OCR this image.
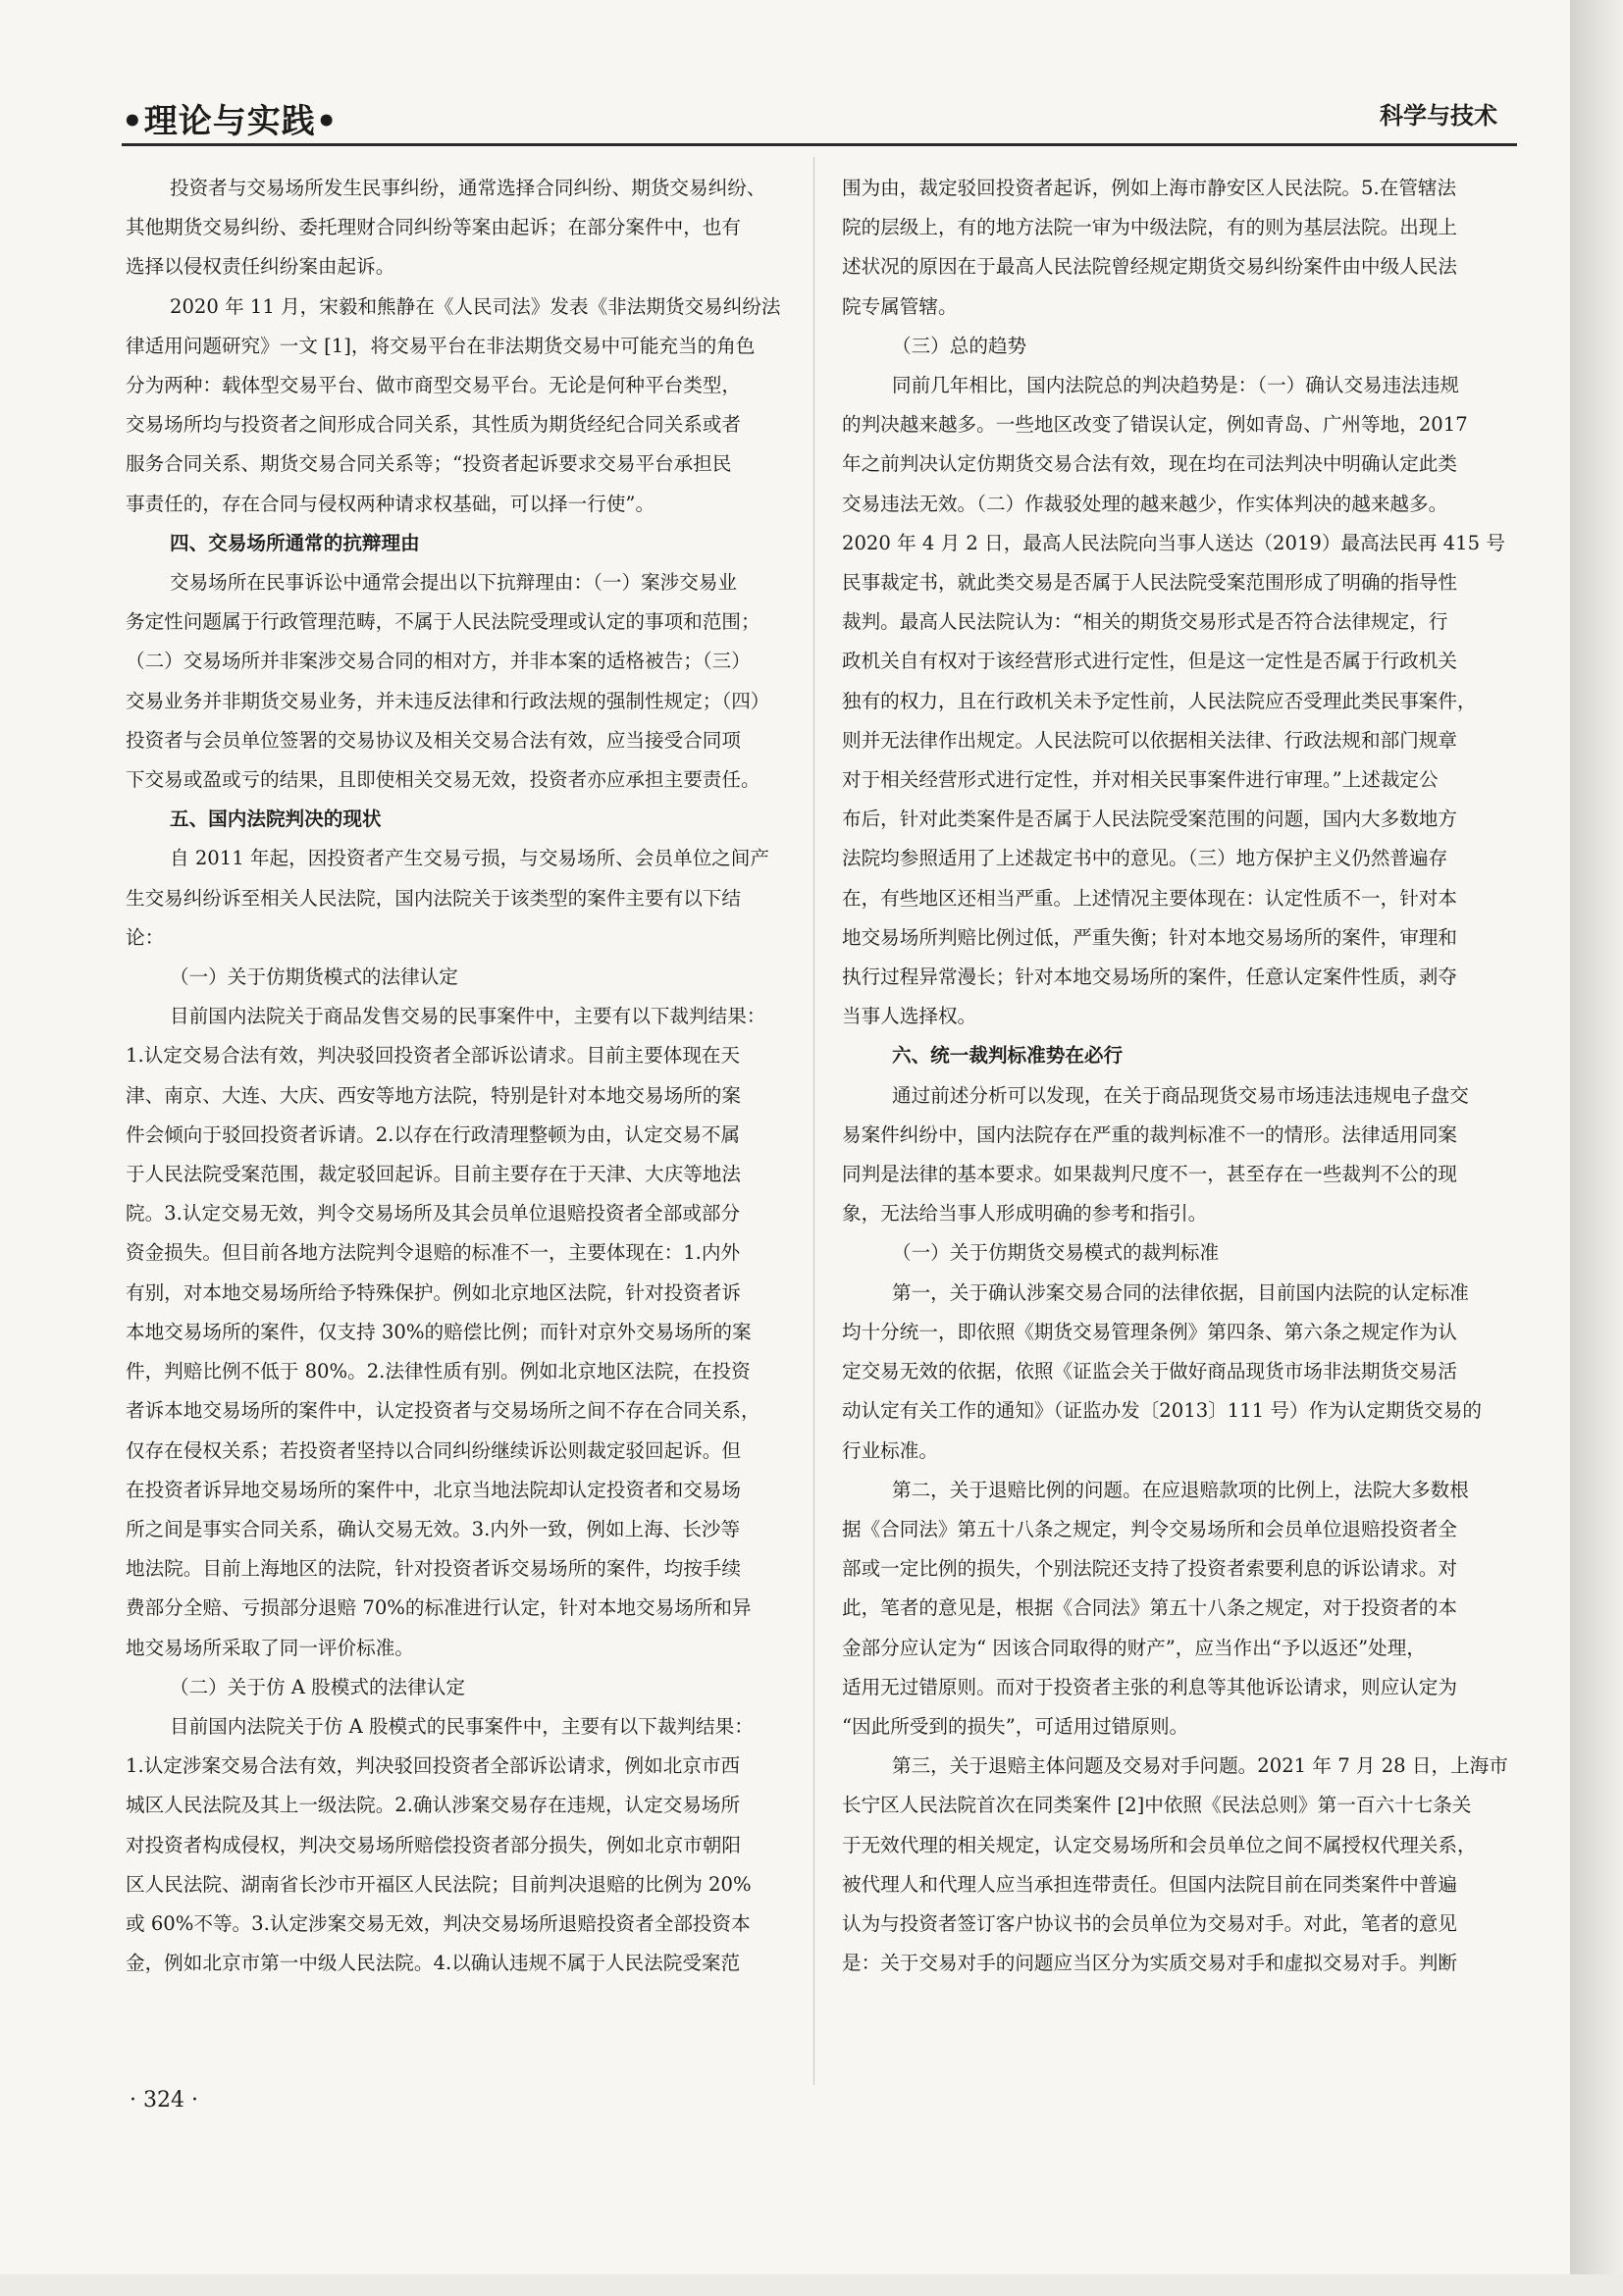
•理论与实践•	科学与技术
投资者与交易场所发生民事纠纷，通常选择合同纠纷、期货交易纠纷、
其他期货交易纠纷、委托理财合同纠纷等案由起诉；在部分案件中，也有
选择以侵权责任纠纷案由起诉。
2020 年 11 月，宋毅和熊静在《人民司法》发表《非法期货交易纠纷法
律适用问题研究》一文 [1]，将交易平台在非法期货交易中可能充当的角色
分为两种：载体型交易平台、做市商型交易平台。无论是何种平台类型，
交易场所均与投资者之间形成合同关系，其性质为期货经纪合同关系或者
服务合同关系、期货交易合同关系等；“投资者起诉要求交易平台承担民
事责任的，存在合同与侵权两种请求权基础，可以择一行使”。
四、交易场所通常的抗辩理由
交易场所在民事诉讼中通常会提出以下抗辩理由：（一）案涉交易业
务定性问题属于行政管理范畴，不属于人民法院受理或认定的事项和范围；
（二）交易场所并非案涉交易合同的相对方，并非本案的适格被告；（三）
交易业务并非期货交易业务，并未违反法律和行政法规的强制性规定；（四）
投资者与会员单位签署的交易协议及相关交易合法有效，应当接受合同项
下交易或盈或亏的结果，且即使相关交易无效，投资者亦应承担主要责任。
五、国内法院判决的现状
自 2011 年起，因投资者产生交易亏损，与交易场所、会员单位之间产
生交易纠纷诉至相关人民法院，国内法院关于该类型的案件主要有以下结
论：
（一）关于仿期货模式的法律认定
目前国内法院关于商品发售交易的民事案件中，主要有以下裁判结果：
1.认定交易合法有效，判决驳回投资者全部诉讼请求。目前主要体现在天
津、南京、大连、大庆、西安等地方法院，特别是针对本地交易场所的案
件会倾向于驳回投资者诉请。2.以存在行政清理整顿为由，认定交易不属
于人民法院受案范围，裁定驳回起诉。目前主要存在于天津、大庆等地法
院。3.认定交易无效，判令交易场所及其会员单位退赔投资者全部或部分
资金损失。但目前各地方法院判令退赔的标准不一，主要体现在：1.内外
有别，对本地交易场所给予特殊保护。例如北京地区法院，针对投资者诉
本地交易场所的案件，仅支持 30%的赔偿比例；而针对京外交易场所的案
件，判赔比例不低于 80%。2.法律性质有别。例如北京地区法院，在投资
者诉本地交易场所的案件中，认定投资者与交易场所之间不存在合同关系，
仅存在侵权关系；若投资者坚持以合同纠纷继续诉讼则裁定驳回起诉。但
在投资者诉异地交易场所的案件中，北京当地法院却认定投资者和交易场
所之间是事实合同关系，确认交易无效。3.内外一致，例如上海、长沙等
地法院。目前上海地区的法院，针对投资者诉交易场所的案件，均按手续
费部分全赔、亏损部分退赔 70%的标准进行认定，针对本地交易场所和异
地交易场所采取了同一评价标准。
（二）关于仿 A 股模式的法律认定
目前国内法院关于仿 A 股模式的民事案件中，主要有以下裁判结果：
1.认定涉案交易合法有效，判决驳回投资者全部诉讼请求，例如北京市西
城区人民法院及其上一级法院。2.确认涉案交易存在违规，认定交易场所
对投资者构成侵权，判决交易场所赔偿投资者部分损失，例如北京市朝阳
区人民法院、湖南省长沙市开福区人民法院；目前判决退赔的比例为 20%
或 60%不等。3.认定涉案交易无效，判决交易场所退赔投资者全部投资本
金，例如北京市第一中级人民法院。4.以确认违规不属于人民法院受案范
围为由，裁定驳回投资者起诉，例如上海市静安区人民法院。5.在管辖法
院的层级上，有的地方法院一审为中级法院，有的则为基层法院。出现上
述状况的原因在于最高人民法院曾经规定期货交易纠纷案件由中级人民法
院专属管辖。
（三）总的趋势
同前几年相比，国内法院总的判决趋势是：（一）确认交易违法违规
的判决越来越多。一些地区改变了错误认定，例如青岛、广州等地，2017
年之前判决认定仿期货交易合法有效，现在均在司法判决中明确认定此类
交易违法无效。（二）作裁驳处理的越来越少，作实体判决的越来越多。
2020 年 4 月 2 日，最高人民法院向当事人送达（2019）最高法民再 415 号
民事裁定书，就此类交易是否属于人民法院受案范围形成了明确的指导性
裁判。最高人民法院认为：“相关的期货交易形式是否符合法律规定，行
政机关自有权对于该经营形式进行定性，但是这一定性是否属于行政机关
独有的权力，且在行政机关未予定性前，人民法院应否受理此类民事案件，
则并无法律作出规定。人民法院可以依据相关法律、行政法规和部门规章
对于相关经营形式进行定性，并对相关民事案件进行审理。”上述裁定公
布后，针对此类案件是否属于人民法院受案范围的问题，国内大多数地方
法院均参照适用了上述裁定书中的意见。（三）地方保护主义仍然普遍存
在，有些地区还相当严重。上述情况主要体现在：认定性质不一，针对本
地交易场所判赔比例过低，严重失衡；针对本地交易场所的案件，审理和
执行过程异常漫长；针对本地交易场所的案件，任意认定案件性质，剥夺
当事人选择权。
六、统一裁判标准势在必行
通过前述分析可以发现，在关于商品现货交易市场违法违规电子盘交
易案件纠纷中，国内法院存在严重的裁判标准不一的情形。法律适用同案
同判是法律的基本要求。如果裁判尺度不一，甚至存在一些裁判不公的现
象，无法给当事人形成明确的参考和指引。
（一）关于仿期货交易模式的裁判标准
第一，关于确认涉案交易合同的法律依据，目前国内法院的认定标准
均十分统一，即依照《期货交易管理条例》第四条、第六条之规定作为认
定交易无效的依据，依照《证监会关于做好商品现货市场非法期货交易活
动认定有关工作的通知》（证监办发〔2013〕111 号）作为认定期货交易的
行业标准。
第二，关于退赔比例的问题。在应退赔款项的比例上，法院大多数根
据《合同法》第五十八条之规定，判令交易场所和会员单位退赔投资者全
部或一定比例的损失，个别法院还支持了投资者索要利息的诉讼请求。对
此，笔者的意见是，根据《合同法》第五十八条之规定，对于投资者的本
金部分应认定为“ 因该合同取得的财产”，应当作出“予以返还”处理，
适用无过错原则。而对于投资者主张的利息等其他诉讼请求，则应认定为
“因此所受到的损失”，可适用过错原则。
第三，关于退赔主体问题及交易对手问题。2021 年 7 月 28 日，上海市
长宁区人民法院首次在同类案件 [2]中依照《民法总则》第一百六十七条关
于无效代理的相关规定，认定交易场所和会员单位之间不属授权代理关系，
被代理人和代理人应当承担连带责任。但国内法院目前在同类案件中普遍
认为与投资者签订客户协议书的会员单位为交易对手。对此，笔者的意见
是：关于交易对手的问题应当区分为实质交易对手和虚拟交易对手。判断
· 324 ·
